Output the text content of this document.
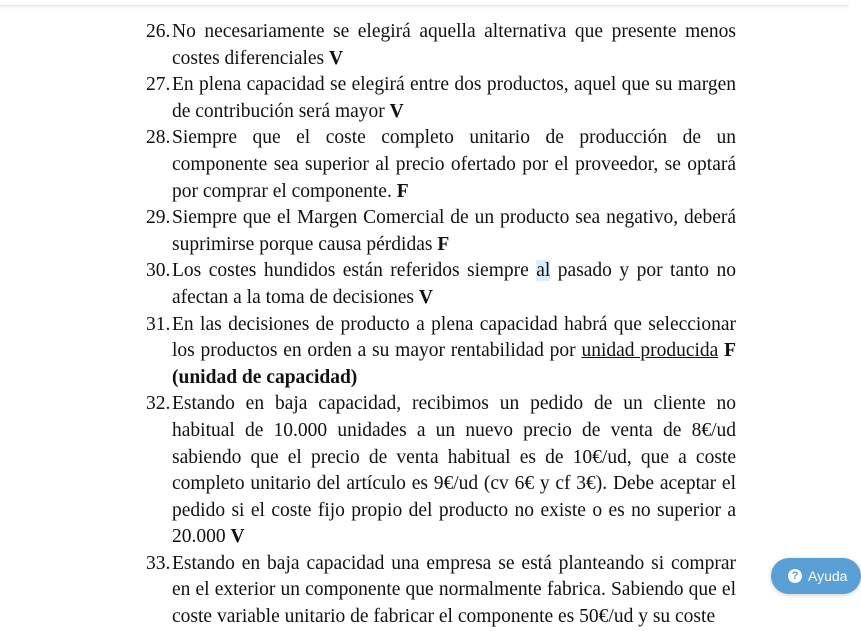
26. No necesariamente se elegirá aquella alternativa que presente menos costes diferenciales V
27. En plena capacidad se elegirá entre dos productos, aquel que su margen de contribución será mayor V
28. Siempre que el coste completo unitario de producción de un componente sea superior al precio ofertado por el proveedor, se optará por comprar el componente. F
29. Siempre que el Margen Comercial de un producto sea negativo, deberá suprimirse porque causa pérdidas F
30. Los costes hundidos están referidos siempre al pasado y por tanto no afectan a la toma de decisiones V
31. En las decisiones de producto a plena capacidad habrá que seleccionar los productos en orden a su mayor rentabilidad por unidad producida F (unidad de capacidad)
32. Estando en baja capacidad, recibimos un pedido de un cliente no habitual de 10.000 unidades a un nuevo precio de venta de 8€/ud sabiendo que el precio de venta habitual es de 10€/ud, que a coste completo unitario del artículo es 9€/ud (cv 6€ y cf 3€). Debe aceptar el pedido si el coste fijo propio del producto no existe o es no superior a 20.000 V
33. Estando en baja capacidad una empresa se está planteando si comprar en el exterior un componente que normalmente fabrica. Sabiendo que el coste variable unitario de fabricar el componente es 50€/ud y su coste
? Ayuda
